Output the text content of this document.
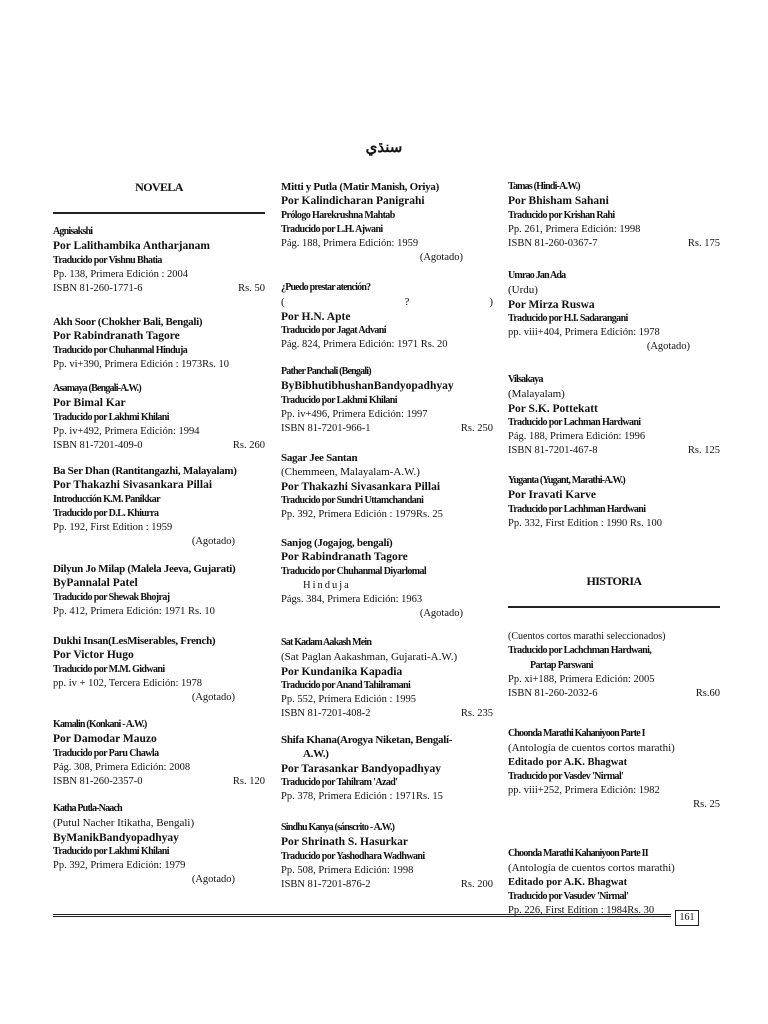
سنڌي
NOVELA
Agnisakshi
Por Lalithambika Antharjanam
Traducido por Vishnu Bhatia
Pp. 138, Primera Edición : 2004
ISBN 81-260-1771-6	Rs. 50
Akh Soor (Chokher Bali, Bengali)
Por Rabindranath Tagore
Traducido por Chuhanmal Hinduja
Pp. vi+390, Primera Edición : 1973Rs. 10
Asamaya (Bengali-A.W.)
Por Bimal Kar
Traducido por Lakhmi Khilani
Pp. iv+492, Primera Edición: 1994
ISBN 81-7201-409-0	Rs. 260
Ba Ser Dhan (Rantitangazhi, Malayalam)
Por Thakazhi Sivasankara Pillai
Introducción K.M. Panikkar
Traducido por D.L. Khiurra
Pp. 192, First Edition : 1959
(Agotado)
Dilyun Jo Milap (Malela Jeeva, Gujarati)
ByPannalal Patel
Traducido por Shewak Bhojraj
Pp. 412, Primera Edición: 1971 Rs. 10
Dukhi Insan(LesMiserables, French)
Por Victor Hugo
Traducido por M.M. Gidwani
pp. iv + 102, Tercera Edición: 1978
(Agotado)
Kamalin (Konkani - A.W.)
Por Damodar Mauzo
Traducido por Paru Chawla
Pág. 308, Primera Edición: 2008
ISBN 81-260-2357-0	Rs. 120
Katha Putla-Naach
(Putul Nacher Itikatha, Bengali)
ByManikBandyopadhyay
Traducido por Lakhmi Khilani
Pp. 392, Primera Edición: 1979
(Agotado)
Mitti y Putla (Matir Manish, Oriya)
Por Kalindicharan Panigrahi
Prólogo Harekrushna Mahtab
Traducido por L.H. Ajwani
Pág. 188, Primera Edición: 1959
(Agotado)
¿Puedo prestar atención?
(	?	)
Por H.N. Apte
Traducido por Jagat Advani
Pág. 824, Primera Edición: 1971 Rs. 20
Pather Panchali (Bengali)
ByBibhutibhushanBandyopadhyay
Traducido por Lakhmi Khilani
Pp. iv+496, Primera Edición: 1997
ISBN 81-7201-966-1	Rs. 250
Sagar Jee Santan
(Chemmeen, Malayalam-A.W.)
Por Thakazhi Sivasankara Pillai
Traducido por Sundri Uttamchandani
Pp. 392, Primera Edición : 1979Rs. 25
Sanjog (Jogajog, bengalí)
Por Rabindranath Tagore
Traducido por Chuhanmal Diyarlomal
Hinduja
Págs. 384, Primera Edición: 1963
(Agotado)
Sat Kadam Aakash Mein
(Sat Paglan Aakashman, Gujarati-A.W.)
Por Kundanika Kapadia
Traducido por Anand Tahilramani
Pp. 552, Primera Edición : 1995
ISBN 81-7201-408-2	Rs. 235
Shifa Khana(Arogya Niketan, Bengalí-
A.W.)
Por Tarasankar Bandyopadhyay
Traducido por Tahilram 'Azad'
Pp. 378, Primera Edición : 1971Rs. 15
Sindhu Kanya (sánscrito - A.W.)
Por Shrinath S. Hasurkar
Traducido por Yashodhara Wadhwani
Pp. 508, Primera Edición: 1998
ISBN 81-7201-876-2	Rs. 200
Tamas (Hindi-A.W.)
Por Bhisham Sahani
Traducido por Krishan Rahi
Pp. 261, Primera Edición: 1998
ISBN 81-260-0367-7	Rs. 175
Umrao Jan Ada
(Urdu)
Por Mirza Ruswa
Traducido por H.I. Sadarangani
pp. viii+404, Primera Edición: 1978
(Agotado)
Vilsakaya
(Malayalam)
Por S.K. Pottekatt
Traducido por Lachman Hardwani
Pág. 188, Primera Edición: 1996
ISBN 81-7201-467-8	Rs. 125
Yuganta (Yugant, Marathi-A.W.)
Por Iravati Karve
Traducido por Lachhman Hardwani
Pp. 332, First Edition : 1990 Rs. 100
HISTORIA
(Cuentos cortos marathi seleccionados)
Traducido por Lachchman Hardwani,
Partap Parswani
Pp. xi+188, Primera Edición: 2005
ISBN 81-260-2032-6	Rs.60
Choonda Marathi Kahaniyoon Parte I
(Antología de cuentos cortos marathi)
Editado por A.K. Bhagwat
Traducido por Vasdev 'Nirmal'
pp. viii+252, Primera Edición: 1982
Rs. 25
Choonda Marathi Kahaniyoon Parte II
(Antología de cuentos cortos marathi)
Editado por A.K. Bhagwat
Traducido por Vasudev 'Nirmal'
Pp. 226, First Edition : 1984Rs. 30
161
